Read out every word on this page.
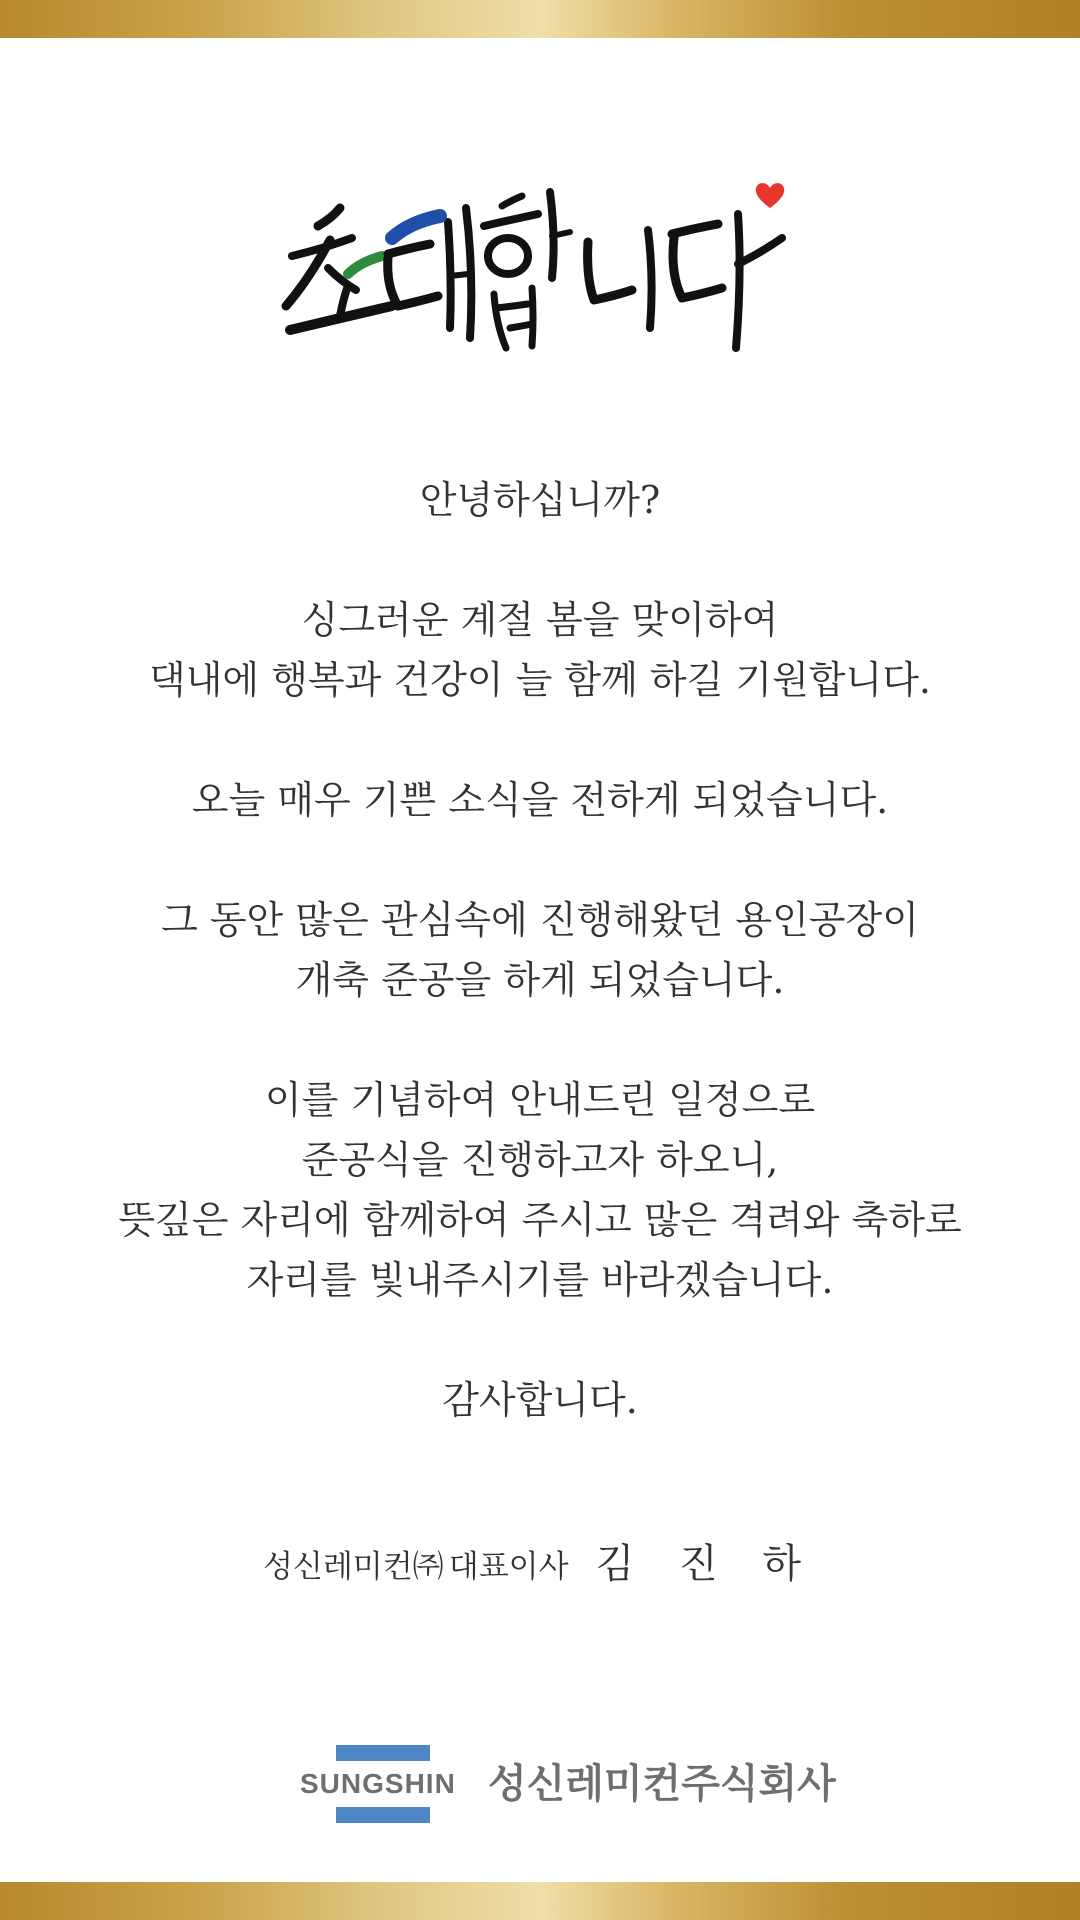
안녕하십니까?

싱그러운 계절 봄을 맞이하여
댁내에 행복과 건강이 늘 함께 하길 기원합니다.

오늘 매우 기쁜 소식을 전하게 되었습니다.

그 동안 많은 관심속에 진행해왔던 용인공장이
개축 준공을 하게 되었습니다.

이를 기념하여 안내드린 일정으로
준공식을 진행하고자 하오니,
뜻깊은 자리에 함께하여 주시고 많은 격려와 축하로
자리를 빛내주시기를 바라겠습니다.

감사합니다.

성신레미컨㈜ 대표이사 김 진 하
SUNGSHIN 성신레미컨주식회사
